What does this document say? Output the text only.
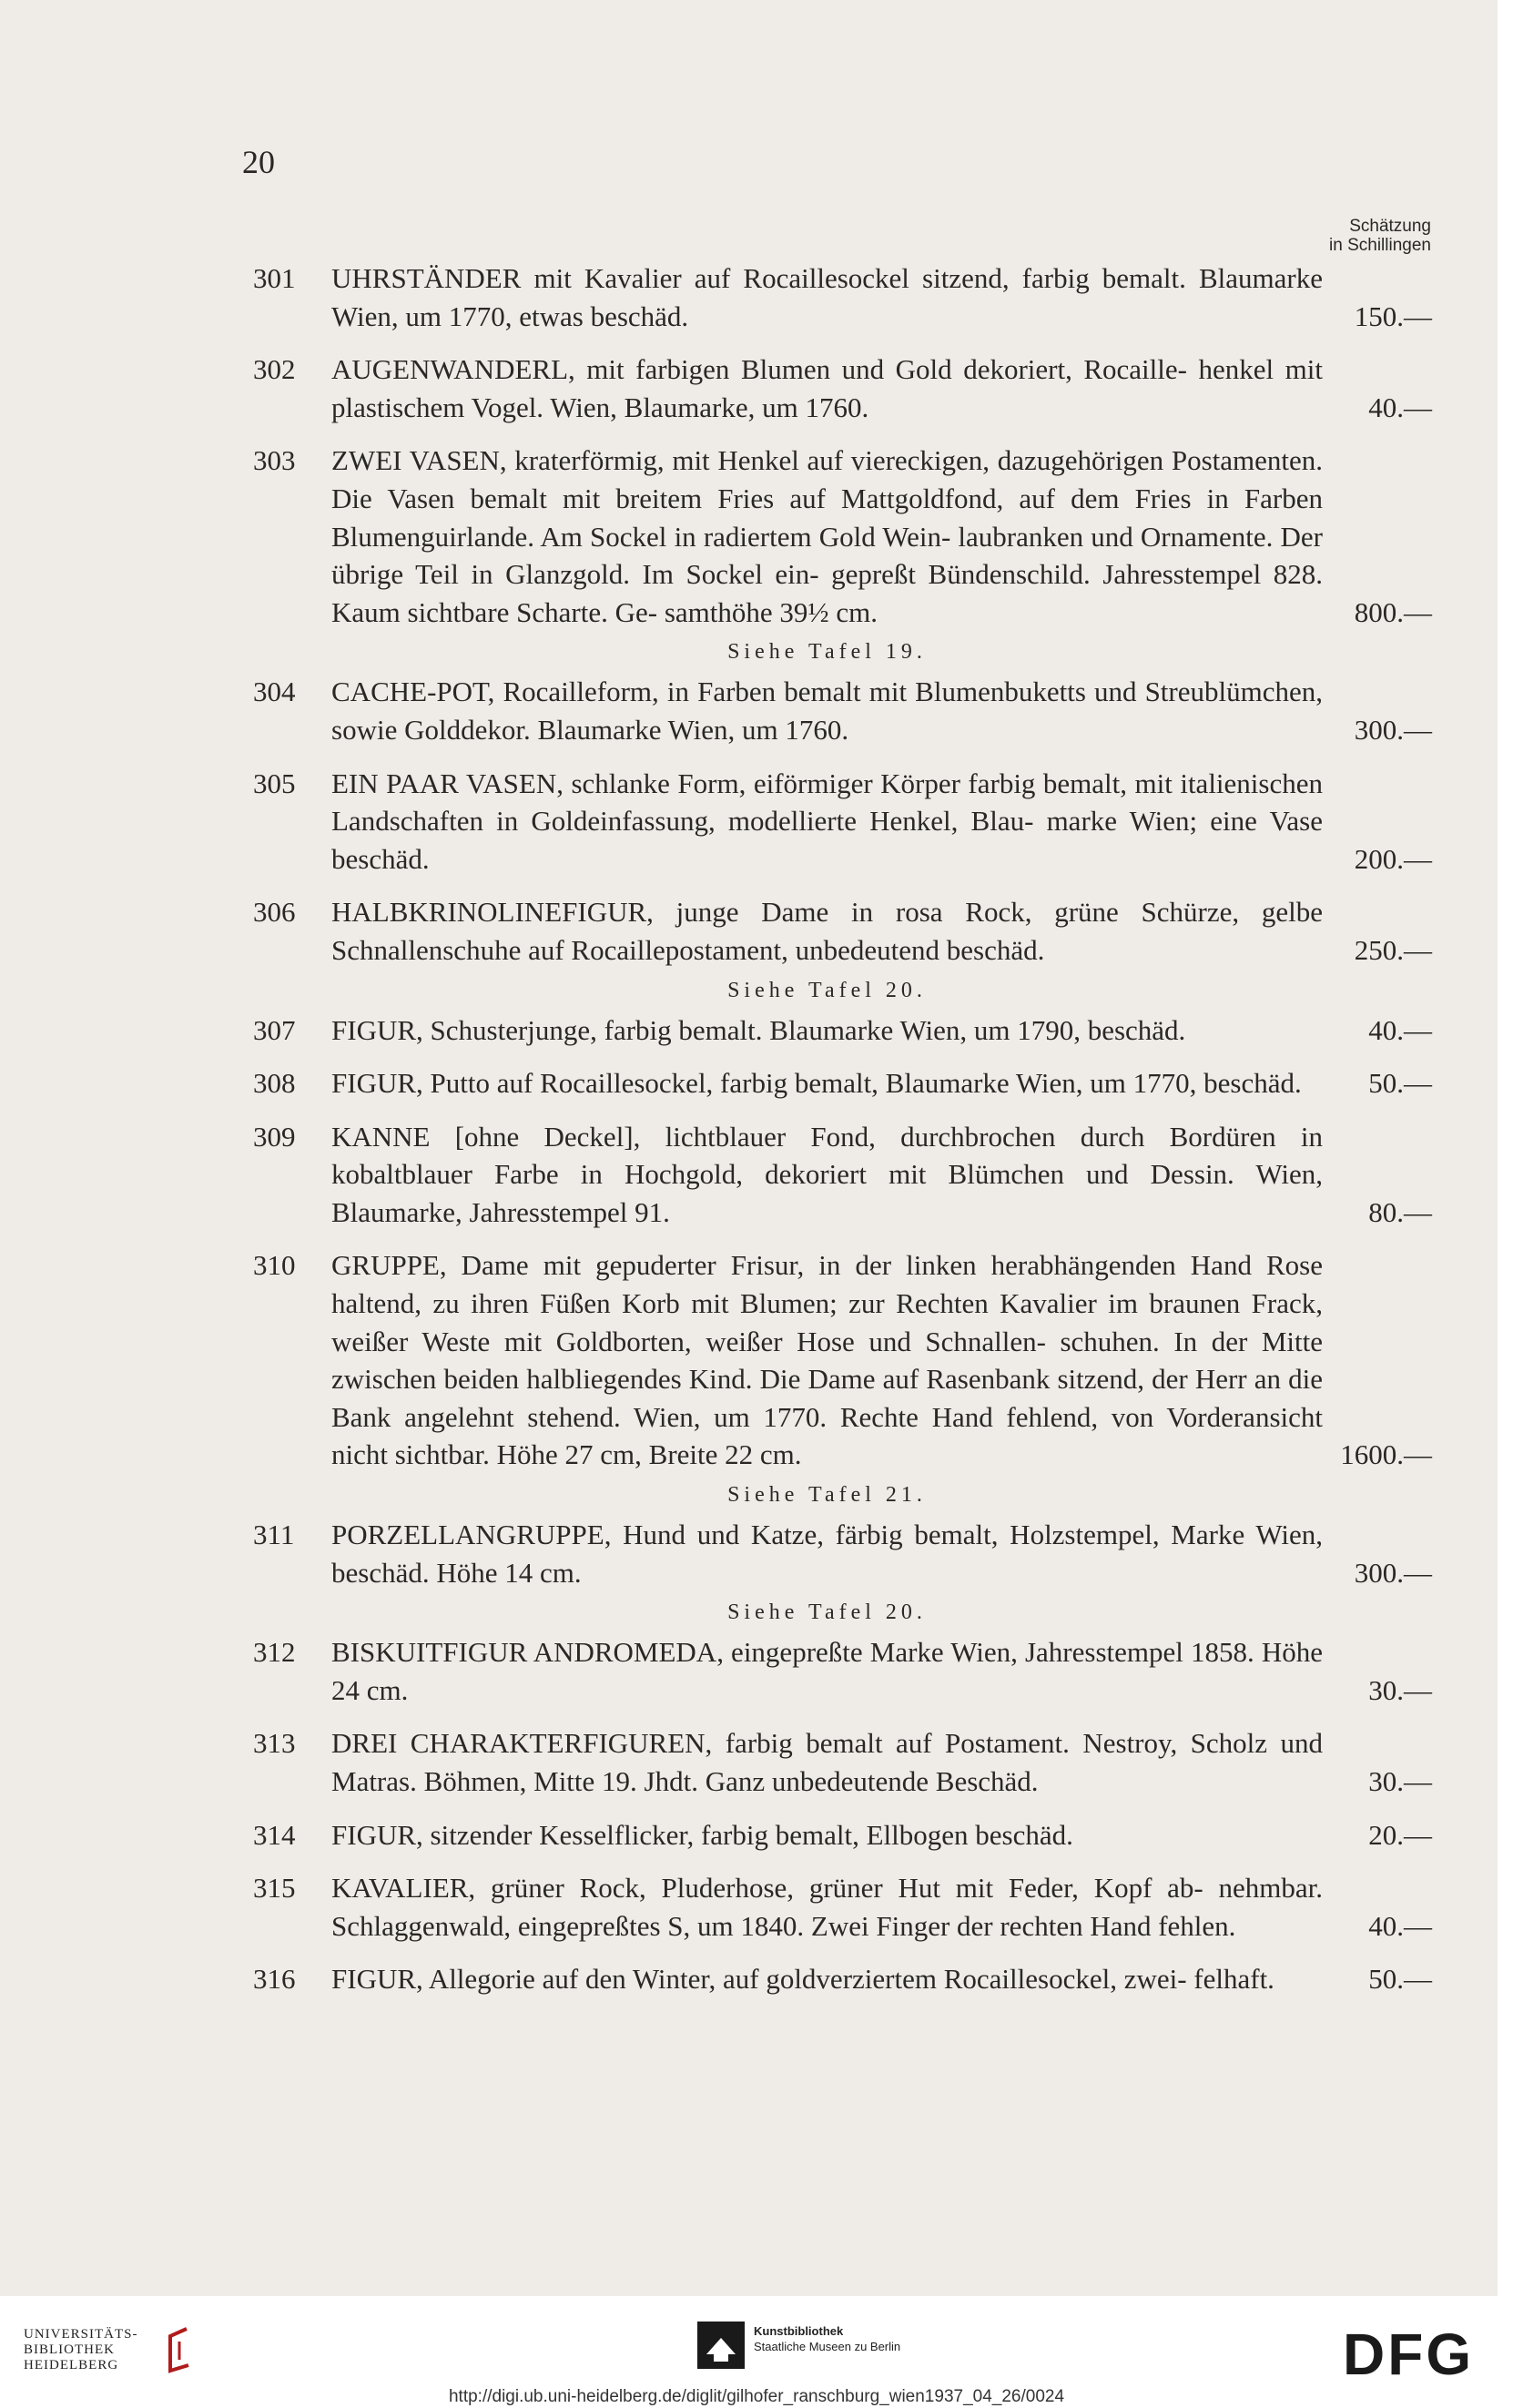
20
Schätzung
in Schillingen
301 UHRSTÄNDER mit Kavalier auf Rocaillesockel sitzend, farbig bemalt. Blaumarke Wien, um 1770, etwas beschäd.	150.—
302 AUGENWANDERL, mit farbigen Blumen und Gold dekoriert, Rocaille- henkel mit plastischem Vogel. Wien, Blaumarke, um 1760.	40.—
303 ZWEI VASEN, kraterförmig, mit Henkel auf viereckigen, dazugehörigen Postamenten. Die Vasen bemalt mit breitem Fries auf Mattgoldfond, auf dem Fries in Farben Blumenguirlande. Am Sockel in radiertem Gold Wein- laubranken und Ornamente. Der übrige Teil in Glanzgold. Im Sockel ein- gepreßt Bündenschild. Jahresstempel 828. Kaum sichtbare Scharte. Ge- samthöhe 39½ cm.	800.—
Siehe Tafel 19.
304 CACHE-POT, Rocailleform, in Farben bemalt mit Blumenbuketts und Streublümchen, sowie Golddekor. Blaumarke Wien, um 1760.	300.—
305 EIN PAAR VASEN, schlanke Form, eiförmiger Körper farbig bemalt, mit italienischen Landschaften in Goldeinfassung, modellierte Henkel, Blau- marke Wien; eine Vase beschäd.	200.—
306 HALBKRINOLINEFIGUR, junge Dame in rosa Rock, grüne Schürze, gelbe Schnallenschuhe auf Rocaillepostament, unbedeutend beschäd.	250.—
Siehe Tafel 20.
307 FIGUR, Schusterjunge, farbig bemalt. Blaumarke Wien, um 1790, beschäd.	40.—
308 FIGUR, Putto auf Rocaillesockel, farbig bemalt, Blaumarke Wien, um 1770, beschäd.	50.—
309 KANNE [ohne Deckel], lichtblauer Fond, durchbrochen durch Bordüren in kobaltblauer Farbe in Hochgold, dekoriert mit Blümchen und Dessin. Wien, Blaumarke, Jahresstempel 91.	80.—
310 GRUPPE, Dame mit gepuderter Frisur, in der linken herabhängenden Hand Rose haltend, zu ihren Füßen Korb mit Blumen; zur Rechten Kavalier im braunen Frack, weißer Weste mit Goldborten, weißer Hose und Schnallen- schuhen. In der Mitte zwischen beiden halbliegendes Kind. Die Dame auf Rasenbank sitzend, der Herr an die Bank angelehnt stehend. Wien, um 1770. Rechte Hand fehlend, von Vorderansicht nicht sichtbar. Höhe 27 cm, Breite 22 cm.	1600.—
Siehe Tafel 21.
311 PORZELLANGRUPPE, Hund und Katze, färbig bemalt, Holzstempel, Marke Wien, beschäd. Höhe 14 cm.	300.—
Siehe Tafel 20.
312 BISKUITFIGUR ANDROMEDA, eingepreßte Marke Wien, Jahresstempel 1858. Höhe 24 cm.	30.—
313 DREI CHARAKTERFIGUREN, farbig bemalt auf Postament. Nestroy, Scholz und Matras. Böhmen, Mitte 19. Jhdt. Ganz unbedeutende Beschäd.	30.—
314 FIGUR, sitzender Kesselflicker, farbig bemalt, Ellbogen beschäd.	20.—
315 KAVALIER, grüner Rock, Pluderhose, grüner Hut mit Feder, Kopf ab- nehmbar. Schlaggenwald, eingepreßtes S, um 1840. Zwei Finger der rechten Hand fehlen.	40.—
316 FIGUR, Allegorie auf den Winter, auf goldverziertem Rocaillesockel, zwei- felhaft.	50.—
UNIVERSITÄTS-
BIBLIOTHEK
HEIDELBERG
Kunstbibliothek
Staatliche Museen zu Berlin	DFG
http://digi.ub.uni-heidelberg.de/diglit/gilhofer_ranschburg_wien1937_04_26/0024
